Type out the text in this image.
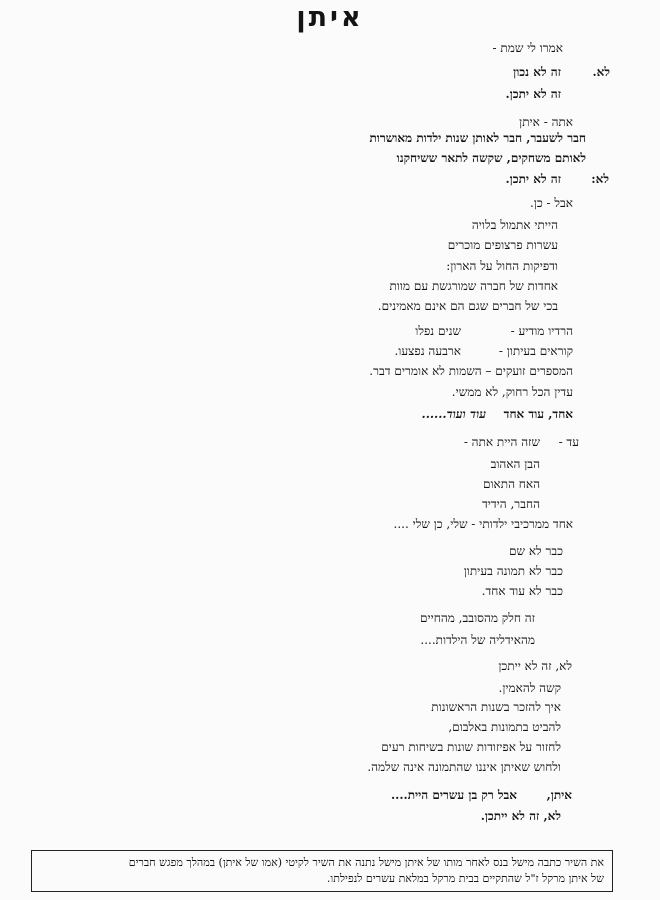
איתן
אמרו לי שמת -
לא.
זה לא נכון
זה לא יתכן.
אתה - איתן
חבר לשעבר, חבר לאותן שנות ילדות מאושרות
לאותם משחקים, שקשה לתאר ששיחקנו
לא:
זה לא יתכן.
אבל - כן.
הייתי אתמול בלויה
עשרות פרצופים מוכרים
ודפיקות החול על הארון:
אחדות של חברה שמורגשת עם מוות
בכי של חברים שגם הם אינם מאמינים.
הרדיו מודיע -
שנים נפלו
קוראים בעיתון -
ארבעה נפצעו.
המספרים זועקים – השמות לא אומרים דבר.
עדין הכל רחוק, לא ממשי.
אחד, עוד אחד
עוד ועוד......
עד -
שזה היית אתה -
הבן האהוב
האח התאום
החבר, הידיד
אחד ממרכיבי ילדותי - שלי, כן שלי ....
כבר לא שם
כבר לא תמונה בעיתון
כבר לא עוד אחד.
זה חלק מהסובב, מהחיים
מהאידליה של הילדות....
לא, זה לא ייתכן
קשה להאמין.
איך להזכר בשנות הראשונות
להביט בתמונות באלבום,
לחזור על אפיזודות שונות בשיחות רעים
ולחוש שאיתן איננו שהתמונה אינה שלמה.
איתן,
אבל רק בן עשרים היית....
לא, זה לא ייתכן.
את השיר כתבה מישל בנס לאחר מותו של איתן מישל נתנה את השיר לקיטי (אמו של איתן) במהלך מפגש חברים
של איתן מרקל ז"ל שהתקיים בבית מרקל במלאת עשרים לנפילתו.
